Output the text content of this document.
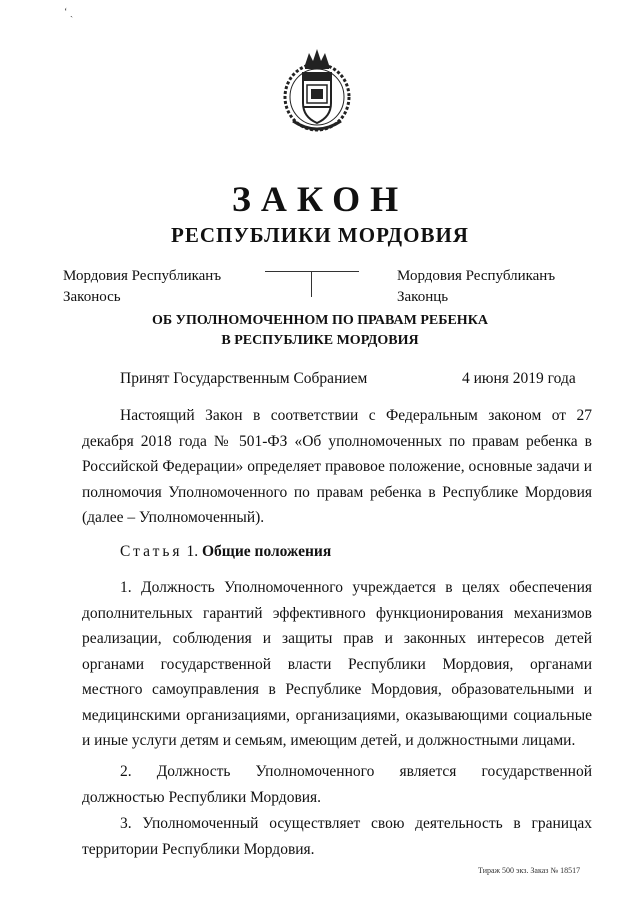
ʻ ˎ
ЗАКОН
РЕСПУБЛИКИ МОРДОВИЯ
Мордовия Республиканъ
Законось
Мордовия Республиканъ
Законць
ОБ УПОЛНОМОЧЕННОМ ПО ПРАВАМ РЕБЕНКА
В РЕСПУБЛИКЕ МОРДОВИЯ
Принят Государственным Собранием	4 июня 2019 года
Настоящий Закон в соответствии с Федеральным законом от 27 декабря 2018 года № 501-ФЗ «Об уполномоченных по правам ребенка в Российской Федерации» определяет правовое положение, основные задачи и полномочия Уполномоченного по правам ребенка в Республике Мордовия (далее – Уполномоченный).
Статья 1. Общие положения
1. Должность Уполномоченного учреждается в целях обеспечения дополнительных гарантий эффективного функционирования механизмов реализации, соблюдения и защиты прав и законных интересов детей органами государственной власти Республики Мордовия, органами местного самоуправления в Республике Мордовия, образовательными и медицинскими организациями, организациями, оказывающими социальные и иные услуги детям и семьям, имеющим детей, и должностными лицами.
2. Должность Уполномоченного является государственной должностью Республики Мордовия.
3. Уполномоченный осуществляет свою деятельность в границах территории Республики Мордовия.
Тираж 500 экз. Заказ № 18517
